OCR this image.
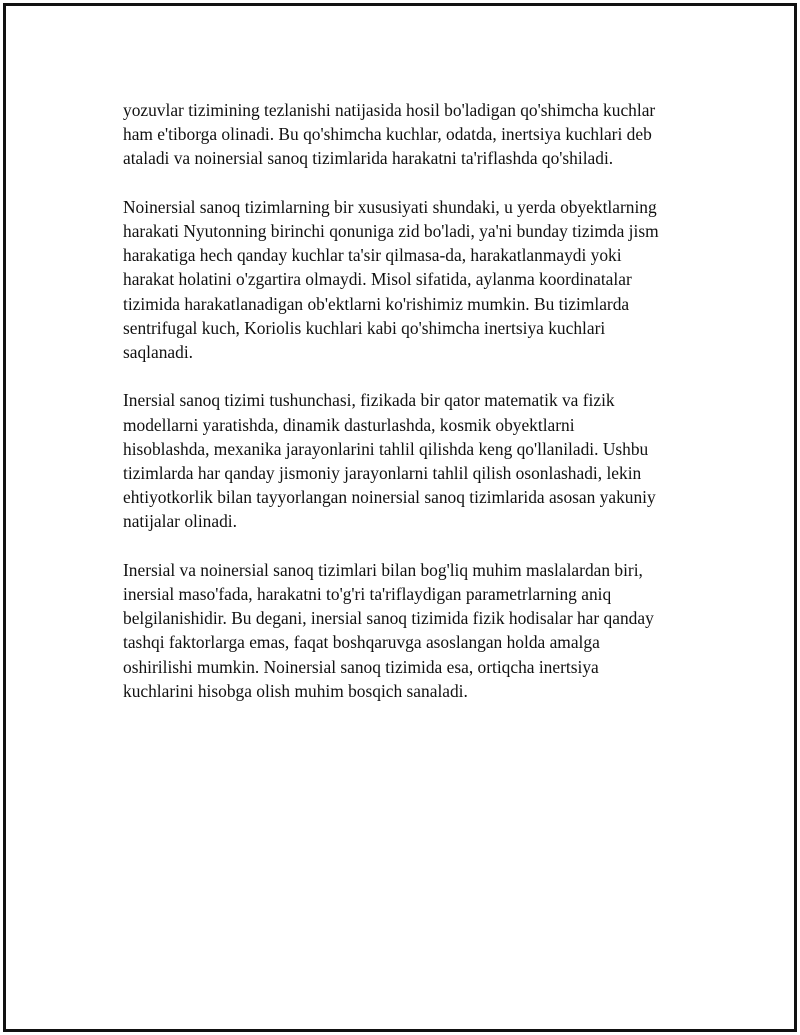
yozuvlar tizimining tezlanishi natijasida hosil bo'ladigan qo'shimcha kuchlar
ham e'tiborga olinadi. Bu qo'shimcha kuchlar, odatda, inertsiya kuchlari deb
ataladi va noinersial sanoq tizimlarida harakatni ta'riflashda qo'shiladi.

Noinersial sanoq tizimlarning bir xususiyati shundaki, u yerda obyektlarning
harakati Nyutonning birinchi qonuniga zid bo'ladi, ya'ni bunday tizimda jism
harakatiga hech qanday kuchlar ta'sir qilmasa-da, harakatlanmaydi yoki
harakat holatini o'zgartira olmaydi. Misol sifatida, aylanma koordinatalar
tizimida harakatlanadigan ob'ektlarni ko'rishimiz mumkin. Bu tizimlarda
sentrifugal kuch, Koriolis kuchlari kabi qo'shimcha inertsiya kuchlari
saqlanadi.

Inersial sanoq tizimi tushunchasi, fizikada bir qator matematik va fizik
modellarni yaratishda, dinamik dasturlashda, kosmik obyektlarni
hisoblashda, mexanika jarayonlarini tahlil qilishda keng qo'llaniladi. Ushbu
tizimlarda har qanday jismoniy jarayonlarni tahlil qilish osonlashadi, lekin
ehtiyotkorlik bilan tayyorlangan noinersial sanoq tizimlarida asosan yakuniy
natijalar olinadi.

Inersial va noinersial sanoq tizimlari bilan bog'liq muhim maslalardan biri,
inersial maso'fada, harakatni to'g'ri ta'riflaydigan parametrlarning aniq
belgilanishidir. Bu degani, inersial sanoq tizimida fizik hodisalar har qanday
tashqi faktorlarga emas, faqat boshqaruvga asoslangan holda amalga
oshirilishi mumkin. Noinersial sanoq tizimida esa, ortiqcha inertsiya
kuchlarini hisobga olish muhim bosqich sanaladi.
